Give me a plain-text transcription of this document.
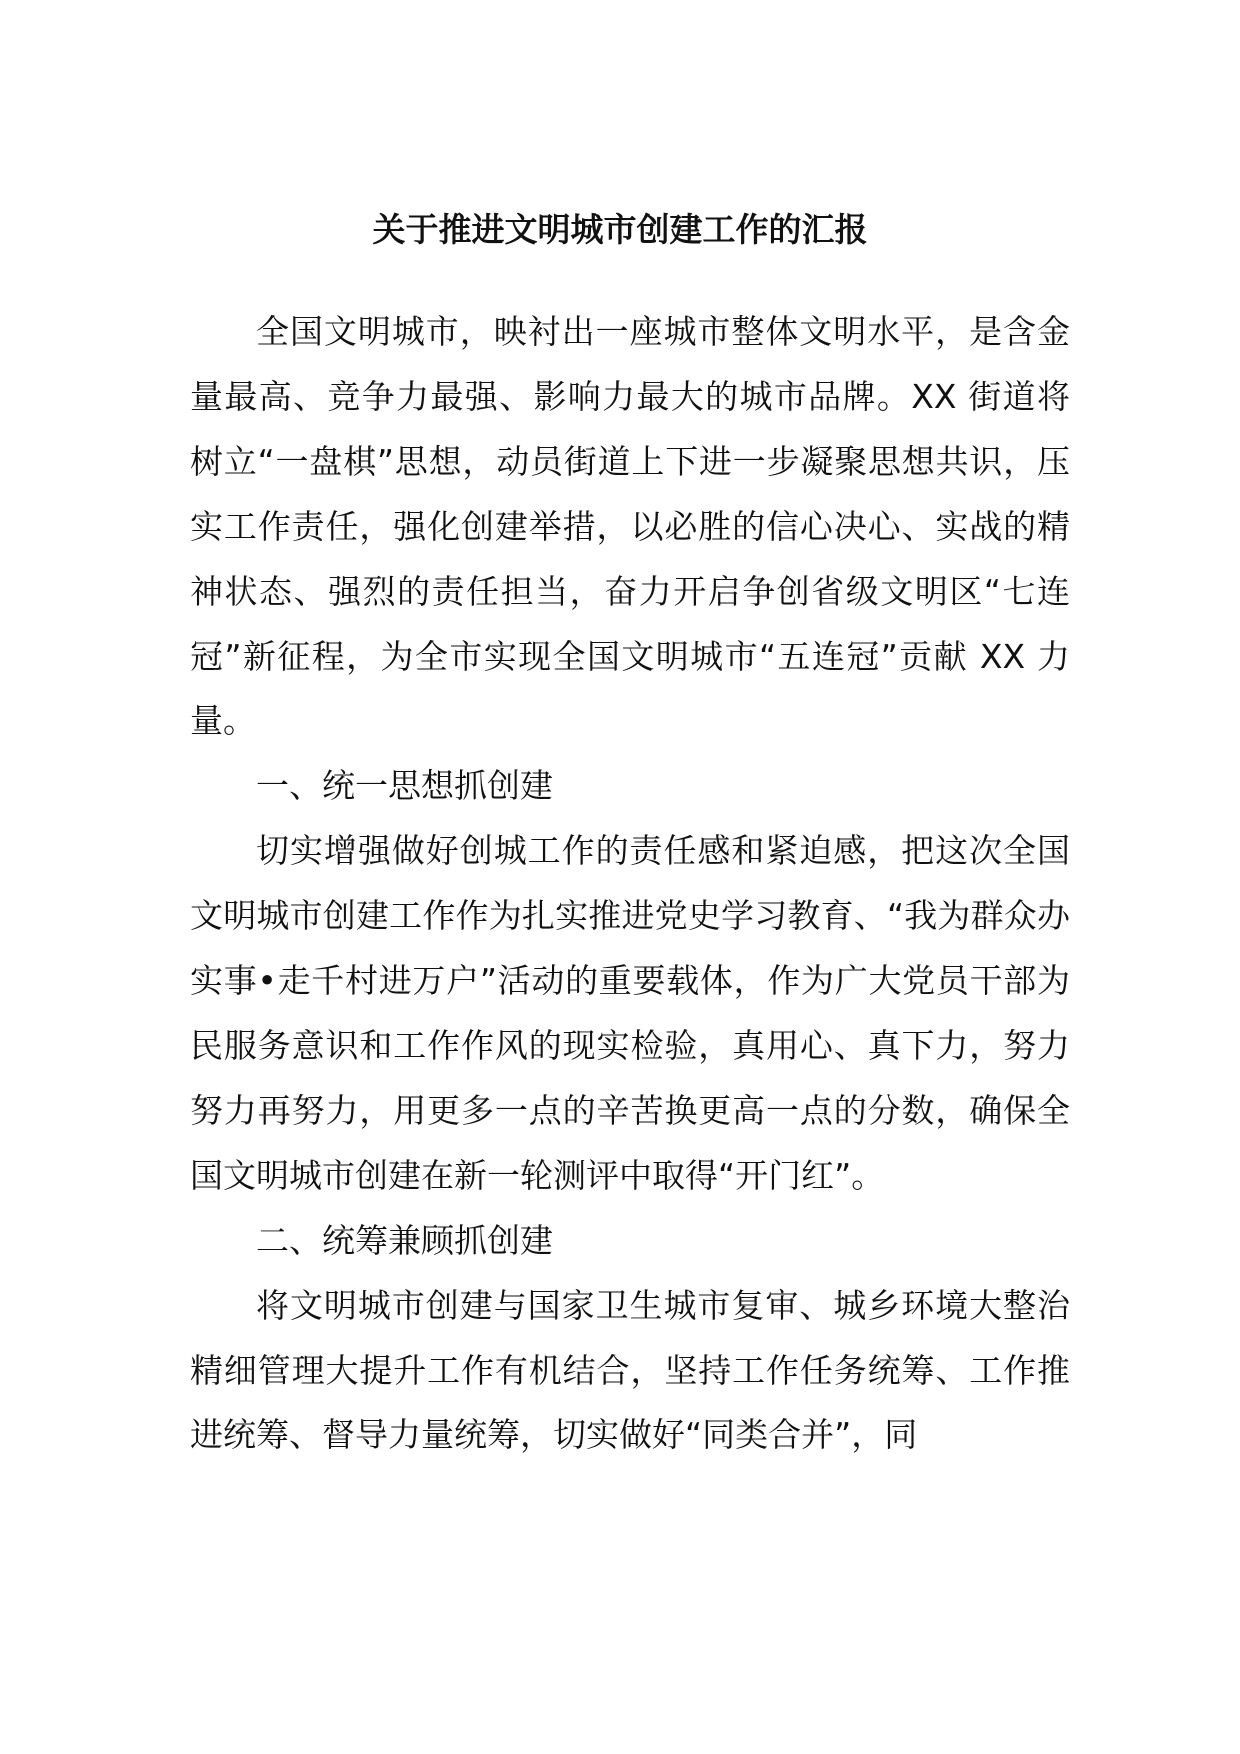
关于推进文明城市创建工作的汇报

全国文明城市，映衬出一座城市整体文明水平，是含金量最高、竞争力最强、影响力最大的城市品牌。XX 街道将树立“一盘棋”思想，动员街道上下进一步凝聚思想共识，压实工作责任，强化创建举措，以必胜的信心决心、实战的精神状态、强烈的责任担当，奋力开启争创省级文明区“七连冠”新征程，为全市实现全国文明城市“五连冠”贡献 XX 力量。

一、统一思想抓创建

切实增强做好创城工作的责任感和紧迫感，把这次全国文明城市创建工作作为扎实推进党史学习教育、“我为群众办实事•走千村进万户”活动的重要载体，作为广大党员干部为民服务意识和工作作风的现实检验，真用心、真下力，努力努力再努力，用更多一点的辛苦换更高一点的分数，确保全国文明城市创建在新一轮测评中取得“开门红”。

二、统筹兼顾抓创建

将文明城市创建与国家卫生城市复审、城乡环境大整治精细管理大提升工作有机结合，坚持工作任务统筹、工作推进统筹、督导力量统筹，切实做好“同类合并”，同
